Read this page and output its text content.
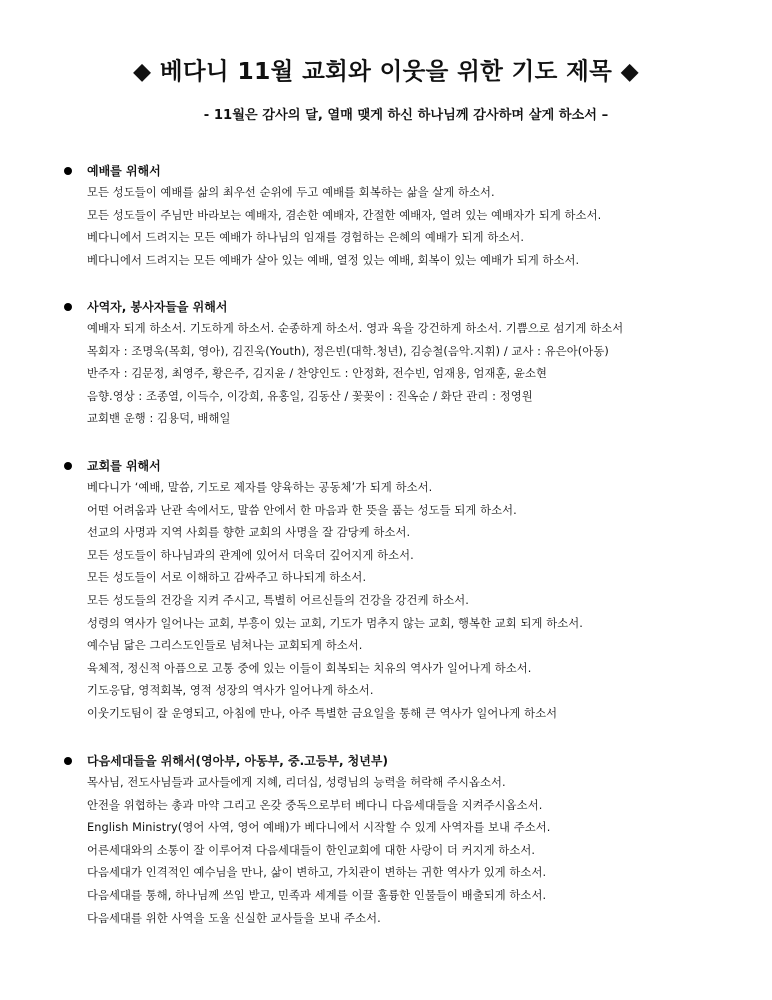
◆ 베다니 11월 교회와 이웃을 위한 기도 제목 ◆
- 11월은 감사의 달, 열매 맺게 하신 하나님께 감사하며 살게 하소서 –
예배를 위해서
모든 성도들이 예배를 삶의 최우선 순위에 두고 예배를 회복하는 삶을 살게 하소서.
모든 성도들이 주님만 바라보는 예배자, 겸손한 예배자, 간절한 예배자, 열려 있는 예배자가 되게 하소서.
베다니에서 드려지는 모든 예배가 하나님의 임재를 경험하는 은혜의 예배가 되게 하소서.
베다니에서 드려지는 모든 예배가 살아 있는 예배, 열정 있는 예배, 회복이 있는 예배가 되게 하소서.
사역자, 봉사자들을 위해서
예배자 되게 하소서. 기도하게 하소서. 순종하게 하소서. 영과 육을 강건하게 하소서. 기쁨으로 섬기게 하소서
목회자 : 조명욱(목회, 영아), 김진욱(Youth), 정은빈(대학.청년), 김승철(음악.지휘) / 교사 : 유은아(아동)
반주자 : 김문정, 최영주, 황은주, 김지윤 / 찬양인도 : 안정화, 전수빈, 엄재용, 엄재훈, 윤소현
음향.영상 : 조종열, 이득수, 이강희, 유홍일, 김동산 / 꽃꽂이 : 진옥순 / 화단 관리 : 정영원
교회밴 운행 : 김용덕, 배해일
교회를 위해서
베다니가 ‘예배, 말씀, 기도로 제자를 양육하는 공동체’가 되게 하소서.
어떤 어려움과 난관 속에서도, 말씀 안에서 한 마음과 한 뜻을 품는 성도들 되게 하소서.
선교의 사명과 지역 사회를 향한 교회의 사명을 잘 감당케 하소서.
모든 성도들이 하나님과의 관계에 있어서 더욱더 깊어지게 하소서.
모든 성도들이 서로 이해하고 감싸주고 하나되게 하소서.
모든 성도들의 건강을 지켜 주시고, 특별히 어르신들의 건강을 강건케 하소서.
성령의 역사가 일어나는 교회, 부흥이 있는 교회, 기도가 멈추지 않는 교회, 행복한 교회 되게 하소서.
예수님 닮은 그리스도인들로 넘쳐나는 교회되게 하소서.
육체적, 정신적 아픔으로 고통 중에 있는 이들이 회복되는 치유의 역사가 일어나게 하소서.
기도응답, 영적회복, 영적 성장의 역사가 일어나게 하소서.
이웃기도팀이 잘 운영되고, 아침에 만나, 아주 특별한 금요일을 통해 큰 역사가 일어나게 하소서
다음세대들을 위해서(영아부, 아동부, 중.고등부, 청년부)
목사님, 전도사님들과 교사들에게 지혜, 리더십, 성령님의 능력을 허락해 주시옵소서.
안전을 위협하는 총과 마약 그리고 온갖 중독으로부터 베다니 다음세대들을 지켜주시옵소서.
English Ministry(영어 사역, 영어 예배)가 베다니에서 시작할 수 있게 사역자를 보내 주소서.
어른세대와의 소통이 잘 이루어져 다음세대들이 한인교회에 대한 사랑이 더 커지게 하소서.
다음세대가 인격적인 예수님을 만나, 삶이 변하고, 가치관이 변하는 귀한 역사가 있게 하소서.
다음세대를 통해, 하나님께 쓰임 받고, 민족과 세계를 이끌 훌륭한 인물들이 배출되게 하소서.
다음세대를 위한 사역을 도울 신실한 교사들을 보내 주소서.
